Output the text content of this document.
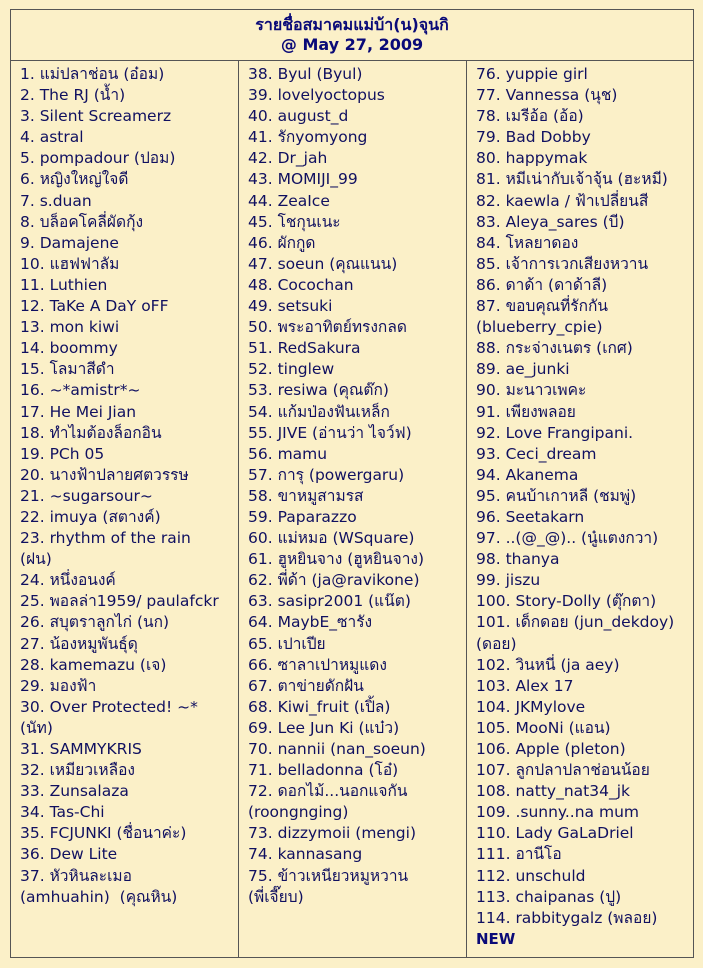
รายชื่อสมาคมแม่บ้า(น)จุนกิ
@ May 27, 2009
1. แม่ปลาช่อน (อ๋อม)
2. The RJ (น้ำ)
3. Silent Screamerz
4. astral
5. pompadour (ปอม)
6. หญิงใหญ่ใจดี
7. s.duan
8. บล็อคโคลี่ผัดกุ้ง
9. Damajene
10. แฮฟฟาลัม
11. Luthien
12. TaKe A DaY oFF
13. mon kiwi
14. boommy
15. โลมาสีดำ
16. ~*amistr*~
17. He Mei Jian
18. ทำไมต้องล็อกอิน
19. PCh 05
20. นางฟ้าปลายศตวรรษ
21. ~sugarsour~
22. imuya (สตางค์)
23. rhythm of the rain
(ฝน)
24. หนึ่งอนงค์
25. พอลล่า1959/ paulafckr
26. สบุตราลูกไก่ (นก)
27. น้องหมูพันธุ์ดุ
28. kamemazu (เจ)
29. มองฟ้า
30. Over Protected! ~*
(นัท)
31. SAMMYKRIS
32. เหมียวเหลือง
33. Zunsalaza
34. Tas-Chi
35. FCJUNKI (ชื่อนาค่ะ)
36. Dew Lite
37. หัวหินละเมอ
(amhuahin)  (คุณหิน)
38. Byul (Byul)
39. lovelyoctopus
40. august_d
41. รักyomyong
42. Dr_jah
43. MOMIJI_99
44. ZeaIce
45. โชกุนเนะ
46. ผักกูด
47. soeun (คุณแนน)
48. Cocochan
49. setsuki
50. พระอาทิตย์ทรงกลด
51. RedSakura
52. tinglew
53. resiwa (คุณต๊ก)
54. แก้มป่องฟันเหล็ก
55. JIVE (อ่านว่า ไจว์ฟ)
56. mamu
57. การุ (powergaru)
58. ขาหมูสามรส
59. Paparazzo
60. แม่หมอ (WSquare)
61. ฮูหยินจาง (ฮูหยินจาง)
62. พี่ด้า (ja@ravikone)
63. sasipr2001 (แน๊ต)
64. MaybE_ซารัง
65. เปาเปีย
66. ซาลาเปาหมูแดง
67. ตาข่ายดักฝัน
68. Kiwi_fruit (เปิ้ล)
69. Lee Jun Ki (แบ๋ว)
70. nannii (nan_soeun)
71. belladonna (โอ๋)
72. ดอกไม้...นอกแจกัน
(roongnging)
73. dizzymoii (mengi)
74. kannasang
75. ข้าวเหนียวหมูหวาน
(พี่เจี๊ยบ)
76. yuppie girl
77. Vannessa (นุช)
78. เมรีอ้อ (อ้อ)
79. Bad Dobby
80. happymak
81. หมีเน่ากับเจ้าจุ้น (ฮะหมี)
82. kaewla / ฟ้าเปลี่ยนสี
83. Aleya_sares (บี)
84. โหลยาดอง
85. เจ้าการเวกเสียงหวาน
86. ดาด้า (ดาด้าลี)
87. ขอบคุณที่รักกัน
(blueberry_cpie)
88. กระจ่างเนตร (เกศ)
89. ae_junki
90. มะนาวเพคะ
91. เพียงพลอย
92. Love Frangipani.
93. Ceci_dream
94. Akanema
95. คนบ้าเกาหลี (ชมพู่)
96. Seetakarn
97. ..(@_@).. (นู๋แตงกวา)
98. thanya
99. jiszu
100. Story-Dolly (ตุ๊กตา)
101. เด็กดอย (jun_dekdoy)
(ดอย)
102. วินหนี่ (ja aey)
103. Alex 17
104. JKMylove
105. MooNi (แอน)
106. Apple (pleton)
107. ลูกปลาปลาช่อนน้อย
108. natty_nat34_jk
109. .sunny..na mum
110. Lady GaLaDriel
111. อานีโอ
112. unschuld
113. chaipanas (ปู)
114. rabbitygalz (พลอย)
NEW
